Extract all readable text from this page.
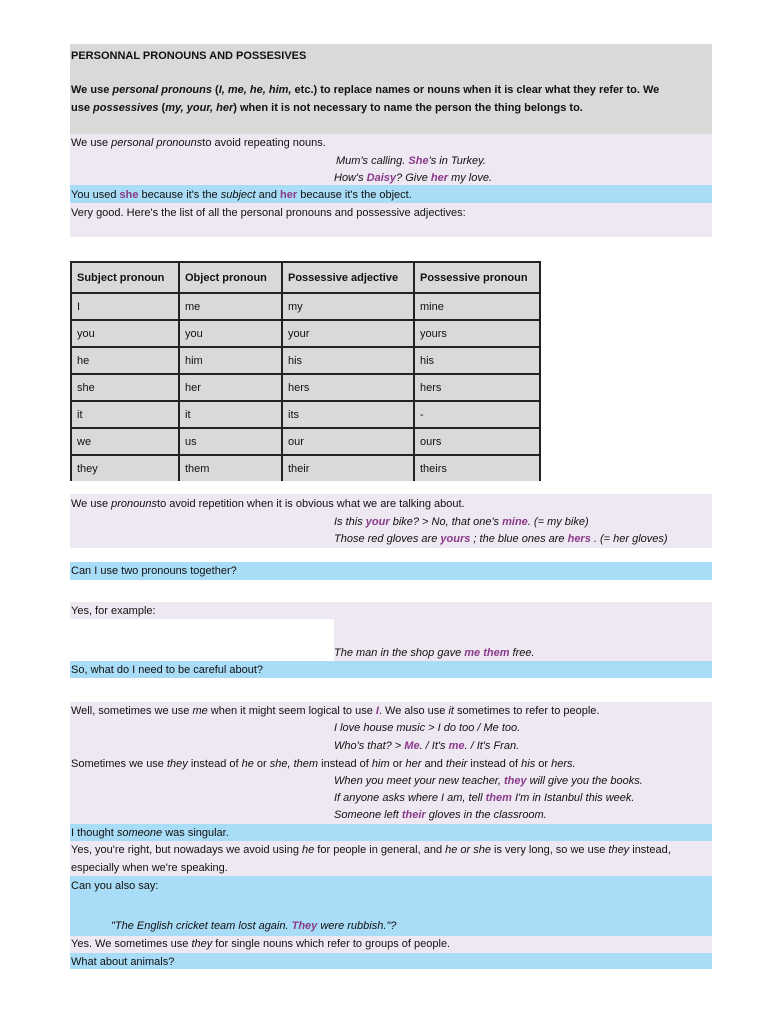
PERSONNAL PRONOUNS AND POSSESIVES
We use personal pronouns (I, me, he, him, etc.) to replace names or nouns when it is clear what they refer to. We
use possessives (my, your, her) when it is not necessary to name the person the thing belongs to.
We use personal pronounsto avoid repeating nouns.
Mum's calling. She's in Turkey.
How's Daisy? Give her my love.
You used she because it's the subject and her because it's the object.
Very good. Here's the list of all the personal pronouns and possessive adjectives:
Subject pronoun	Object pronoun	Possessive adjective	Possessive pronoun
I	me	my	mine
you	you	your	yours
he	him	his	his
she	her	hers	hers
it	it	its	-
we	us	our	ours
they	them	their	theirs
We use pronounsto avoid repetition when it is obvious what we are talking about.
Is this your bike? > No, that one's mine. (= my bike)
Those red gloves are yours ; the blue ones are hers . (= her gloves)
Can I use two pronouns together?
Yes, for example:
The man in the shop gave me them free.
So, what do I need to be careful about?
Well, sometimes we use me when it might seem logical to use I. We also use it sometimes to refer to people.
I love house music > I do too / Me too.
Who's that? > Me. / It's me. / It's Fran.
Sometimes we use they instead of he or she, them instead of him or her and their instead of his or hers.
When you meet your new teacher, they will give you the books.
If anyone asks where I am, tell them I'm in Istanbul this week.
Someone left their gloves in the classroom.
I thought someone was singular.
Yes, you're right, but nowadays we avoid using he for people in general, and he or she is very long, so we use they instead,
especially when we're speaking.
Can you also say:
"The English cricket team lost again. They were rubbish."?
Yes. We sometimes use they for single nouns which refer to groups of people.
What about animals?
